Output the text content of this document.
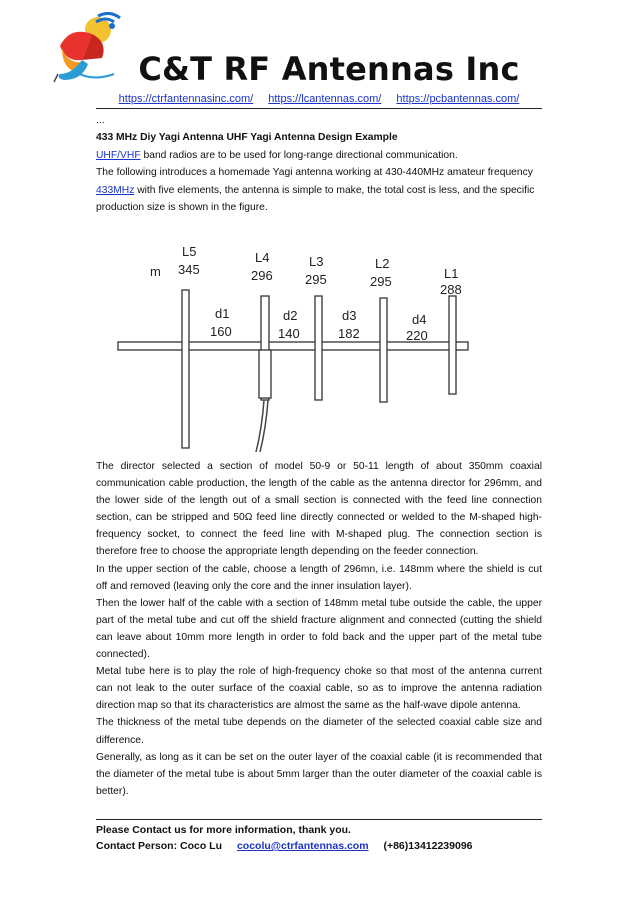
C&T RF Antennas Inc
https://ctrfantennasinc.com/ https://lcantennas.com/ https://pcbantennas.com/

...

433 MHz Diy Yagi Antenna UHF Yagi Antenna Design Example

UHF/VHF band radios are to be used for long-range directional communication.

The following introduces a homemade Yagi antenna working at 430-440MHz amateur frequency

433MHz with five elements, the antenna is simple to make, the total cost is less, and the specific

production size is shown in the figure.

m
L5
345
L4
296
L3
295
L2
295
L1
288
d1
160
d2
140
d3
182
d4
220

The director selected a section of model 50-9 or 50-11 length of about 350mm coaxial communication cable production, the length of the cable as the antenna director for 296mm, and the lower side of the length out of a small section is connected with the feed line connection section, can be stripped and 50Ω feed line directly connected or welded to the M-shaped high-frequency socket, to connect the feed line with M-shaped plug. The connection section is therefore free to choose the appropriate length depending on the feeder connection.

In the upper section of the cable, choose a length of 296mn, i.e. 148mm where the shield is cut off and removed (leaving only the core and the inner insulation layer).

Then the lower half of the cable with a section of 148mm metal tube outside the cable, the upper part of the metal tube and cut off the shield fracture alignment and connected (cutting the shield can leave about 10mm more length in order to fold back and the upper part of the metal tube connected).

Metal tube here is to play the role of high-frequency choke so that most of the antenna current can not leak to the outer surface of the coaxial cable, so as to improve the antenna radiation direction map so that its characteristics are almost the same as the half-wave dipole antenna.

The thickness of the metal tube depends on the diameter of the selected coaxial cable size and difference.

Generally, as long as it can be set on the outer layer of the coaxial cable (it is recommended that the diameter of the metal tube is about 5mm larger than the outer diameter of the coaxial cable is better).

Please Contact us for more information, thank you.
Contact Person: Coco Lu cocolu@ctrfantennas.com (+86)13412239096
